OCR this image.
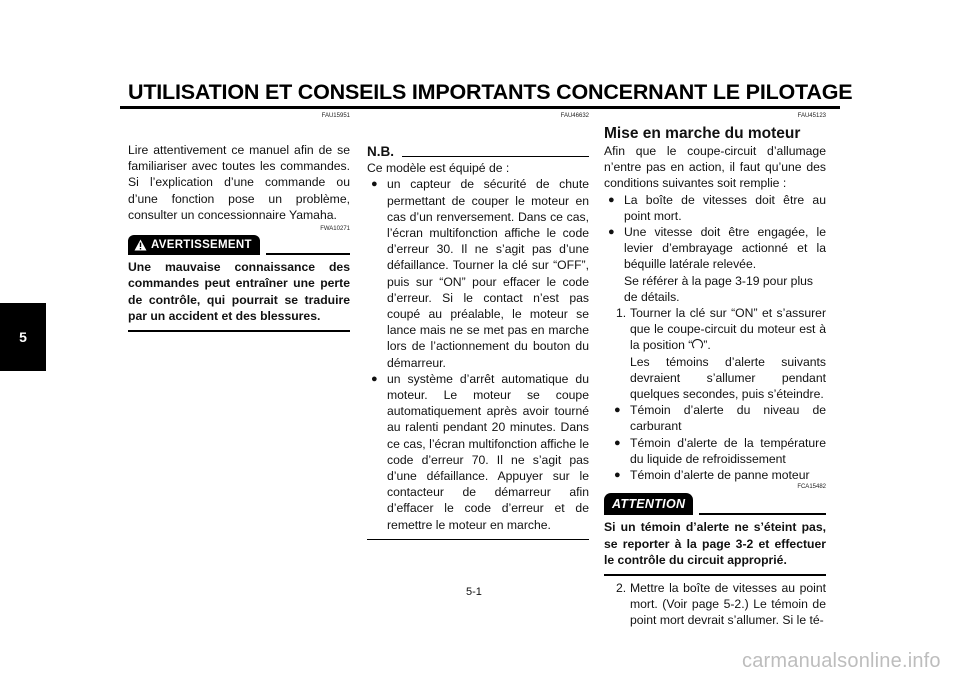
UTILISATION ET CONSEILS IMPORTANTS CONCERNANT LE PILOTAGE
5
FAU15951

Lire attentivement ce manuel afin de se familiariser avec toutes les commandes. Si l’explication d’une commande ou d’une fonction pose un problème, consulter un concessionnaire Yamaha.

FWA10271
AVERTISSEMENT
Une mauvaise connaissance des commandes peut entraîner une perte de contrôle, qui pourrait se traduire par un accident et des blessures.
FAU46632
N.B.

Ce modèle est équipé de :

● un capteur de sécurité de chute permettant de couper le moteur en cas d’un renversement. Dans ce cas, l’écran multifonction affiche le code d’erreur 30. Il ne s’agit pas d’une défaillance. Tourner la clé sur “OFF”, puis sur “ON” pour effacer le code d’erreur. Si le contact n’est pas coupé au préalable, le moteur se lance mais ne se met pas en marche lors de l’actionnement du bouton du démarreur.
● un système d’arrêt automatique du moteur. Le moteur se coupe automatiquement après avoir tourné au ralenti pendant 20 minutes. Dans ce cas, l’écran multifonction affiche le code d’erreur 70. Il ne s’agit pas d’une défaillance. Appuyer sur le contacteur de démarreur afin d’effacer le code d’erreur et de remettre le moteur en marche.
FAU45123
Mise en marche du moteur

Afin que le coupe-circuit d’allumage n’entre pas en action, il faut qu’une des conditions suivantes soit remplie :

● La boîte de vitesses doit être au point mort.
● Une vitesse doit être engagée, le levier d’embrayage actionné et la béquille latérale relevée.

Se référer à la page 3-19 pour plus de détails.

1. Tourner la clé sur “ON” et s’assurer que le coupe-circuit du moteur est à la position “ ”.

Les témoins d’alerte suivants devraient s’allumer pendant quelques secondes, puis s’éteindre.

● Témoin d’alerte du niveau de carburant
● Témoin d’alerte de la température du liquide de refroidissement
● Témoin d’alerte de panne moteur
FCA15482
ATTENTION
Si un témoin d’alerte ne s’éteint pas, se reporter à la page 3-2 et effectuer le contrôle du circuit approprié.
2. Mettre la boîte de vitesses au point mort. (Voir page 5-2.) Le témoin de point mort devrait s’allumer. Si le té-
5-1
carmanualsonline.info
